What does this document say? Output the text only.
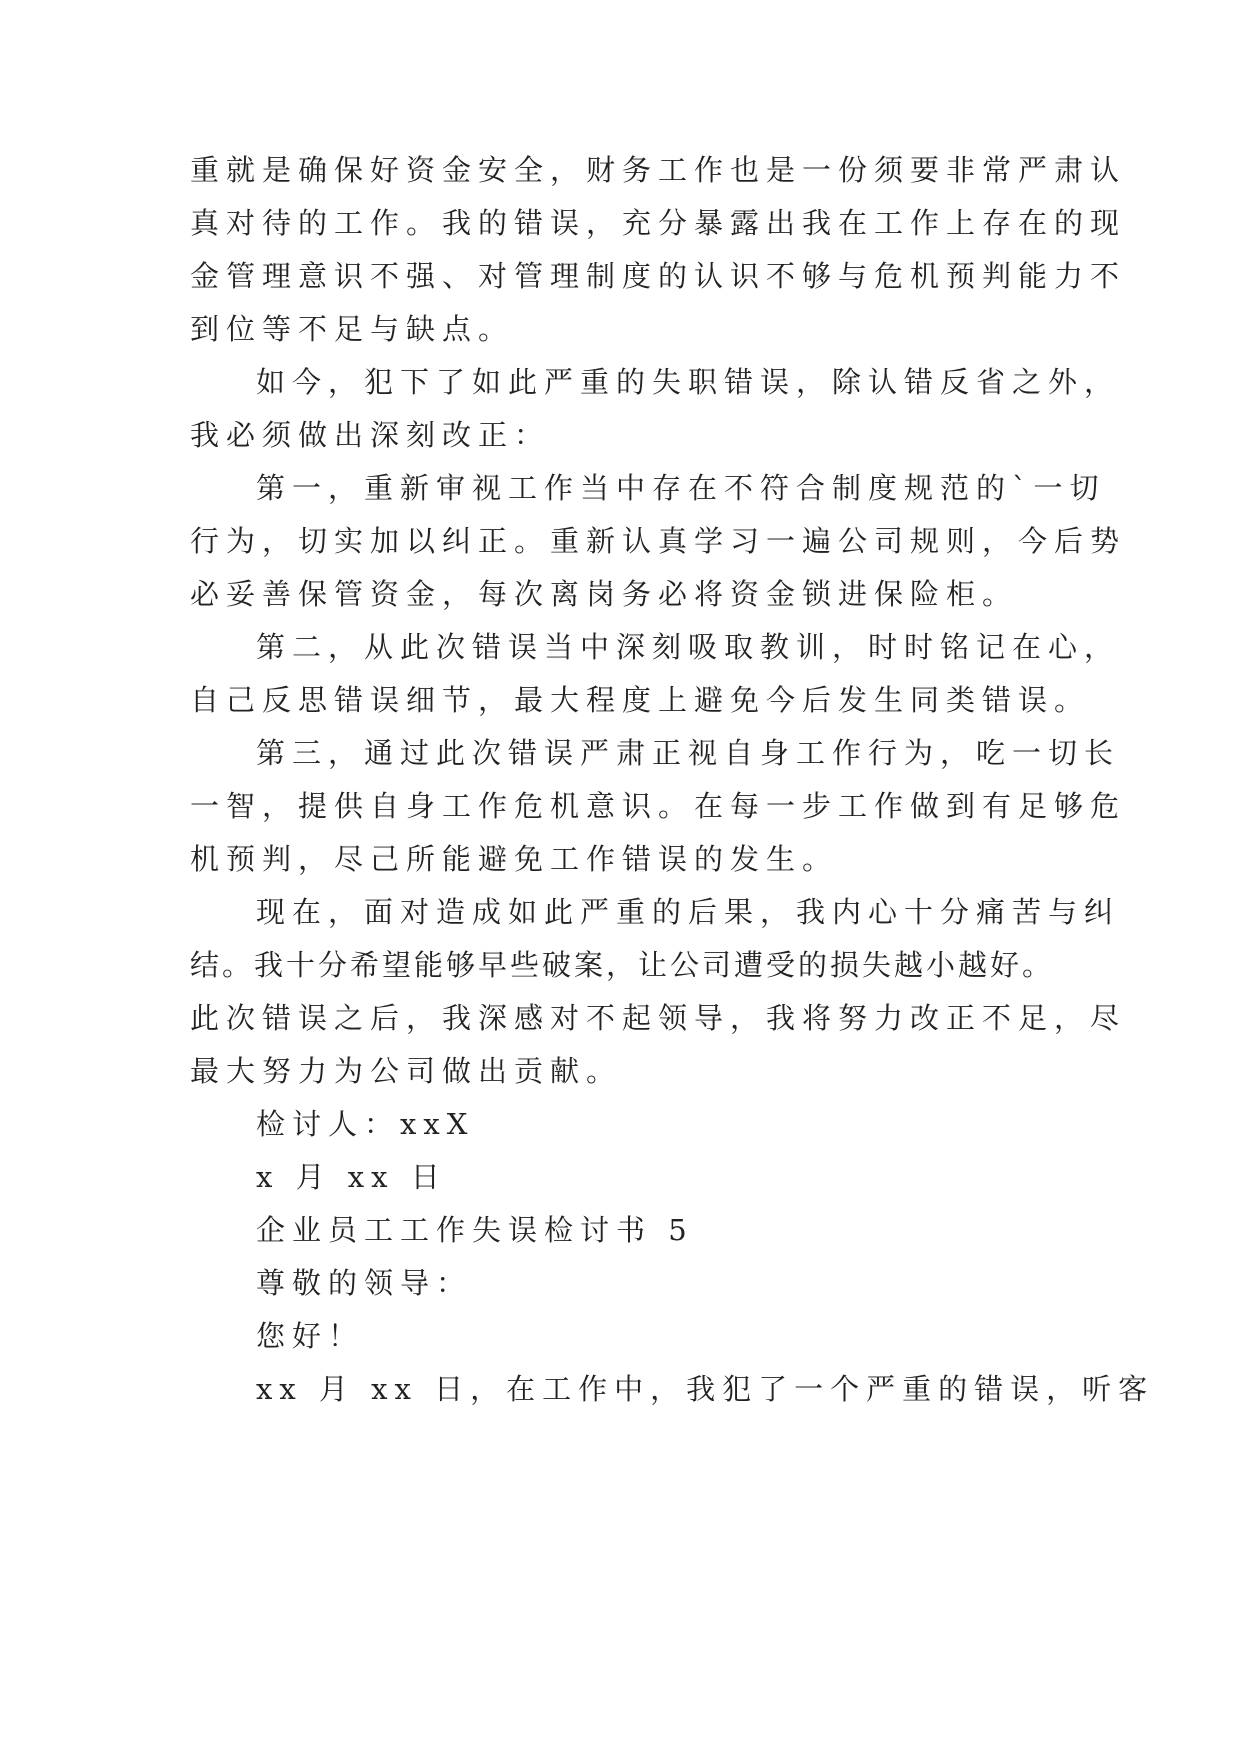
重就是确保好资金安全，财务工作也是一份须要非常严肃认
真对待的工作。我的错误，充分暴露出我在工作上存在的现
金管理意识不强、对管理制度的认识不够与危机预判能力不
到位等不足与缺点。
如今，犯下了如此严重的失职错误，除认错反省之外，
我必须做出深刻改正：
第一，重新审视工作当中存在不符合制度规范的`一切
行为，切实加以纠正。重新认真学习一遍公司规则，今后势
必妥善保管资金，每次离岗务必将资金锁进保险柜。
第二，从此次错误当中深刻吸取教训，时时铭记在心，
自己反思错误细节，最大程度上避免今后发生同类错误。
第三，通过此次错误严肃正视自身工作行为，吃一切长
一智，提供自身工作危机意识。在每一步工作做到有足够危
机预判，尽己所能避免工作错误的发生。
现在，面对造成如此严重的后果，我内心十分痛苦与纠
结。我十分希望能够早些破案，让公司遭受的损失越小越好。
此次错误之后，我深感对不起领导，我将努力改正不足，尽
最大努力为公司做出贡献。
检讨人：xxX
x 月 xx 日
企业员工工作失误检讨书 5
尊敬的领导：
您好！
xx 月 xx 日，在工作中，我犯了一个严重的错误，听客
